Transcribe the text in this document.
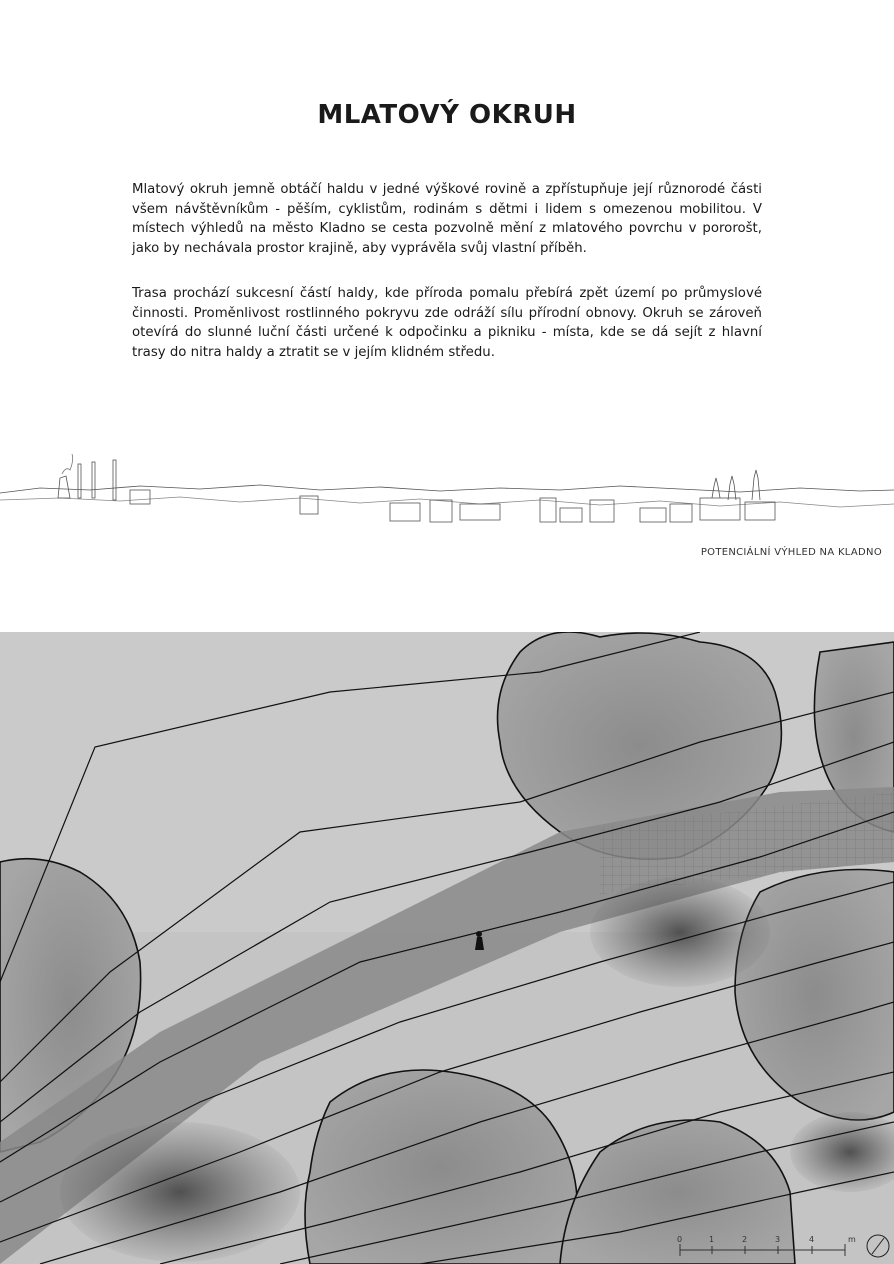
MLATOVÝ OKRUH

Mlatový okruh jemně obtáčí haldu v jedné výškové rovině a zpřístupňuje její různorodé části všem návštěvníkům - pěším, cyklistům, rodinám s dětmi i lidem s omezenou mobilitou. V místech výhledů na město Kladno se cesta pozvolně mění z mlatového povrchu v pororošt, jako by nechávala prostor krajině, aby vyprávěla svůj vlastní příběh.

Trasa prochází sukcesní částí haldy, kde příroda pomalu přebírá zpět území po průmyslové činnosti. Proměnlivost rostlinného pokryvu zde odráží sílu přírodní obnovy. Okruh se zároveň otevírá do slunné luční části určené k odpočinku a pikniku - místa, kde se dá sejít z hlavní trasy do nitra haldy a ztratit se v jejím klidném středu.

POTENCIÁLNÍ VÝHLED NA KLADNO
0	1	2	3	4	m
